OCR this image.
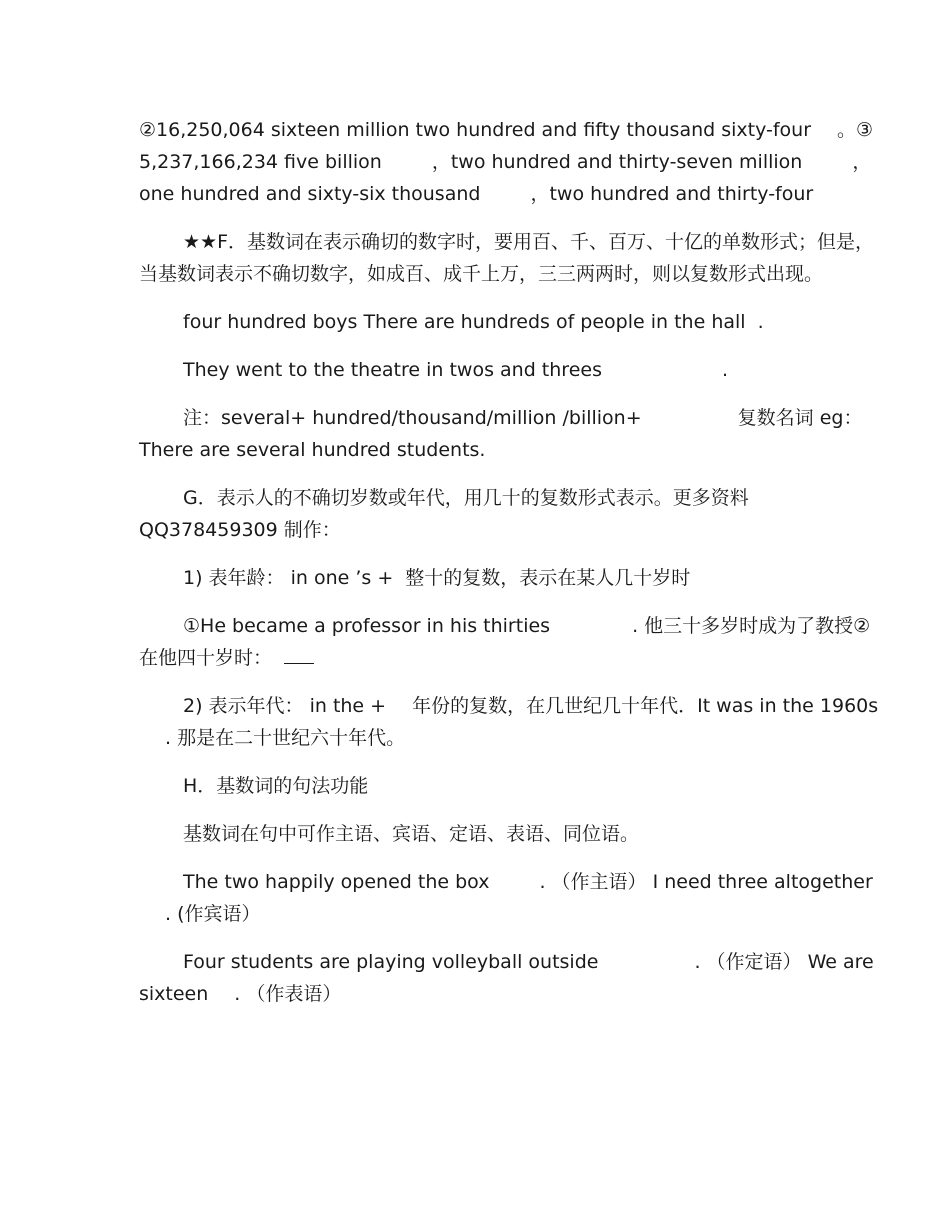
②16,250,064 sixteen million two hundred and fifty thousand sixty-four 。③ 5,237,166,234 five billion	，two hundred and thirty-seven million	，one hundred and sixty-six thousand	，two hundred and thirty-four

★★F．基数词在表示确切的数字时，要用百、千、百万、十亿的单数形式；但是，当基数词表示不确切数字，如成百、成千上万，三三两两时，则以复数形式出现。

four hundred boys There are hundreds of people in the hall .

They went to the theatre in twos and threes	.

注：several+ hundred/thousand/million /billion+	复数名词 eg：There are several hundred students.

G．表示人的不确切岁数或年代，用几十的复数形式表示。更多资料 QQ378459309 制作：

1) 表年龄： in one ’s + 整十的复数，表示在某人几十岁时

①He became a professor in his thirties	. 他三十多岁时成为了教授②在他四十岁时：

2) 表示年代： in the + 年份的复数，在几世纪几十年代．It was in the 1960s. 那是在二十世纪六十年代。

H．基数词的句法功能

基数词在句中可作主语、宾语、定语、表语、同位语。

The two happily opened the box	. （作主语） I need three altogether. (作宾语）

Four students are playing volleyball outside	. （作定语） We are sixteen . （作表语）
